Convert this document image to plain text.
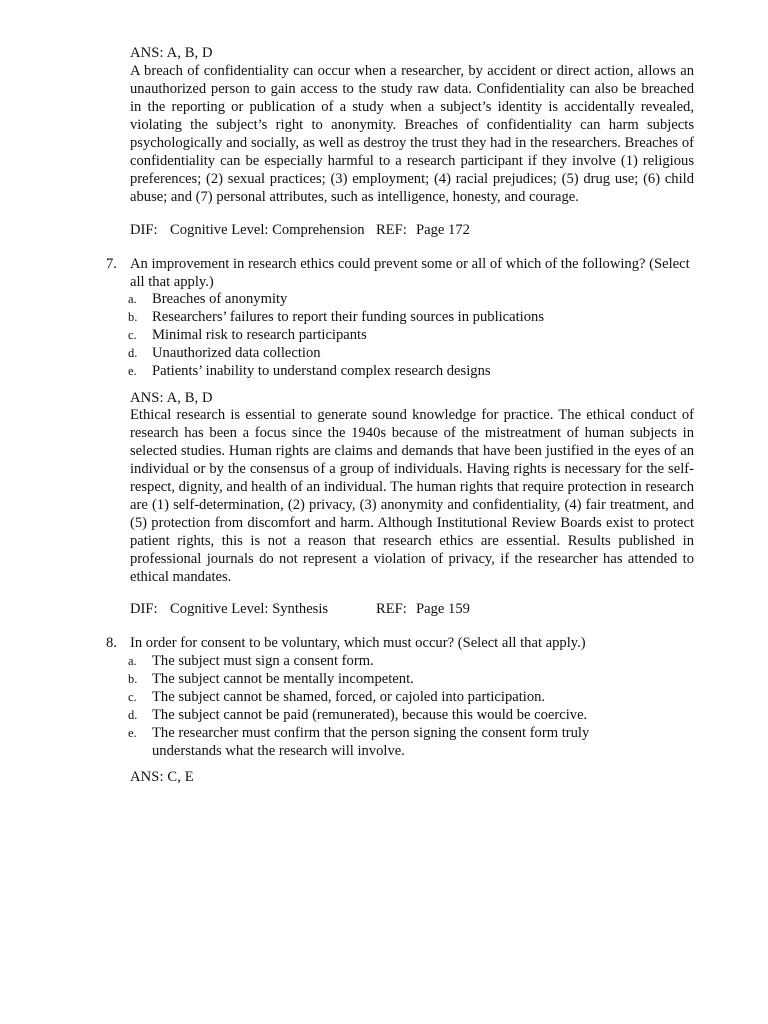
ANS: A, B, D
A breach of confidentiality can occur when a researcher, by accident or direct action, allows an unauthorized person to gain access to the study raw data. Confidentiality can also be breached in the reporting or publication of a study when a subject’s identity is accidentally revealed, violating the subject’s right to anonymity. Breaches of confidentiality can harm subjects psychologically and socially, as well as destroy the trust they had in the researchers. Breaches of confidentiality can be especially harmful to a research participant if they involve (1) religious preferences; (2) sexual practices; (3) employment; (4) racial prejudices; (5) drug use; (6) child abuse; and (7) personal attributes, such as intelligence, honesty, and courage.
DIF: Cognitive Level: Comprehension REF: Page 172
7. An improvement in research ethics could prevent some or all of which of the following? (Select all that apply.)
a. Breaches of anonymity
b. Researchers’ failures to report their funding sources in publications
c. Minimal risk to research participants
d. Unauthorized data collection
e. Patients’ inability to understand complex research designs
ANS: A, B, D
Ethical research is essential to generate sound knowledge for practice. The ethical conduct of research has been a focus since the 1940s because of the mistreatment of human subjects in selected studies. Human rights are claims and demands that have been justified in the eyes of an individual or by the consensus of a group of individuals. Having rights is necessary for the self-respect, dignity, and health of an individual. The human rights that require protection in research are (1) self-determination, (2) privacy, (3) anonymity and confidentiality, (4) fair treatment, and (5) protection from discomfort and harm. Although Institutional Review Boards exist to protect patient rights, this is not a reason that research ethics are essential. Results published in professional journals do not represent a violation of privacy, if the researcher has attended to ethical mandates.
DIF: Cognitive Level: Synthesis	REF: Page 159
8. In order for consent to be voluntary, which must occur? (Select all that apply.)
a. The subject must sign a consent form.
b. The subject cannot be mentally incompetent.
c. The subject cannot be shamed, forced, or cajoled into participation.
d. The subject cannot be paid (remunerated), because this would be coercive.
e. The researcher must confirm that the person signing the consent form truly understands what the research will involve.
ANS: C, E
